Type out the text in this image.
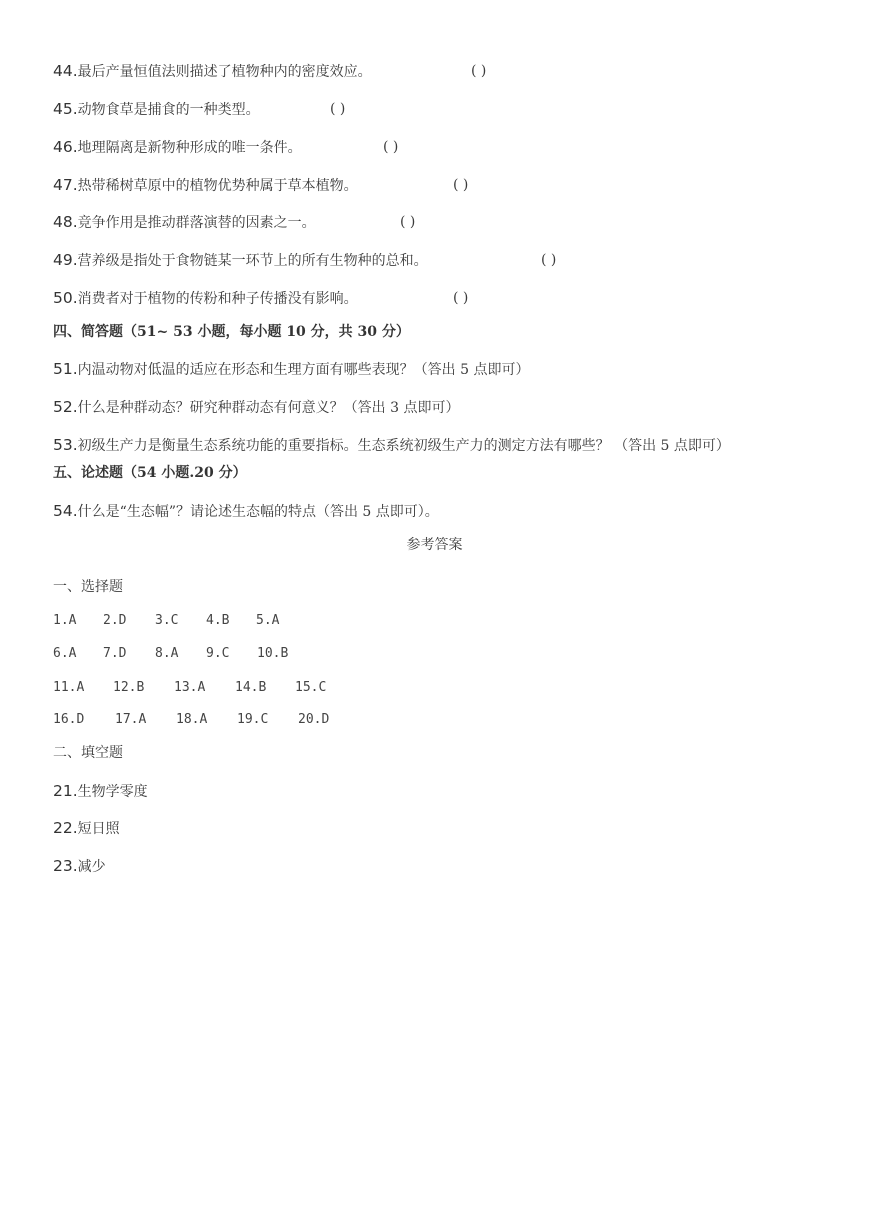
44.最后产量恒值法则描述了植物种内的密度效应。	( )
45.动物食草是捕食的一种类型。	( )
46.地理隔离是新物种形成的唯一条件。	( )
47.热带稀树草原中的植物优势种属于草本植物。	( )
48.竞争作用是推动群落演替的因素之一。	( )
49.营养级是指处于食物链某一环节上的所有生物种的总和。	( )
50.消费者对于植物的传粉和种子传播没有影响。	( )
四、简答题（51~ 53 小题，每小题 10 分，共 30 分）
51.内温动物对低温的适应在形态和生理方面有哪些表现？（答出 5 点即可）
52.什么是种群动态？研究种群动态有何意义？（答出 3 点即可）
53.初级生产力是衡量生态系统功能的重要指标。生态系统初级生产力的测定方法有哪些？ （答出 5 点即可）
五、论述题（54 小题.20 分）
54.什么是“生态幅”？请论述生态幅的特点（答出 5 点即可）。
参考答案
一、选择题
1.A 2.D 3.C 4.B 5.A
6.A 7.D 8.A 9.C 10.B
11.A 12.B 13.A 14.B 15.C
16.D 17.A 18.A 19.C 20.D
二、填空题
21.生物学零度
22.短日照
23.减少
